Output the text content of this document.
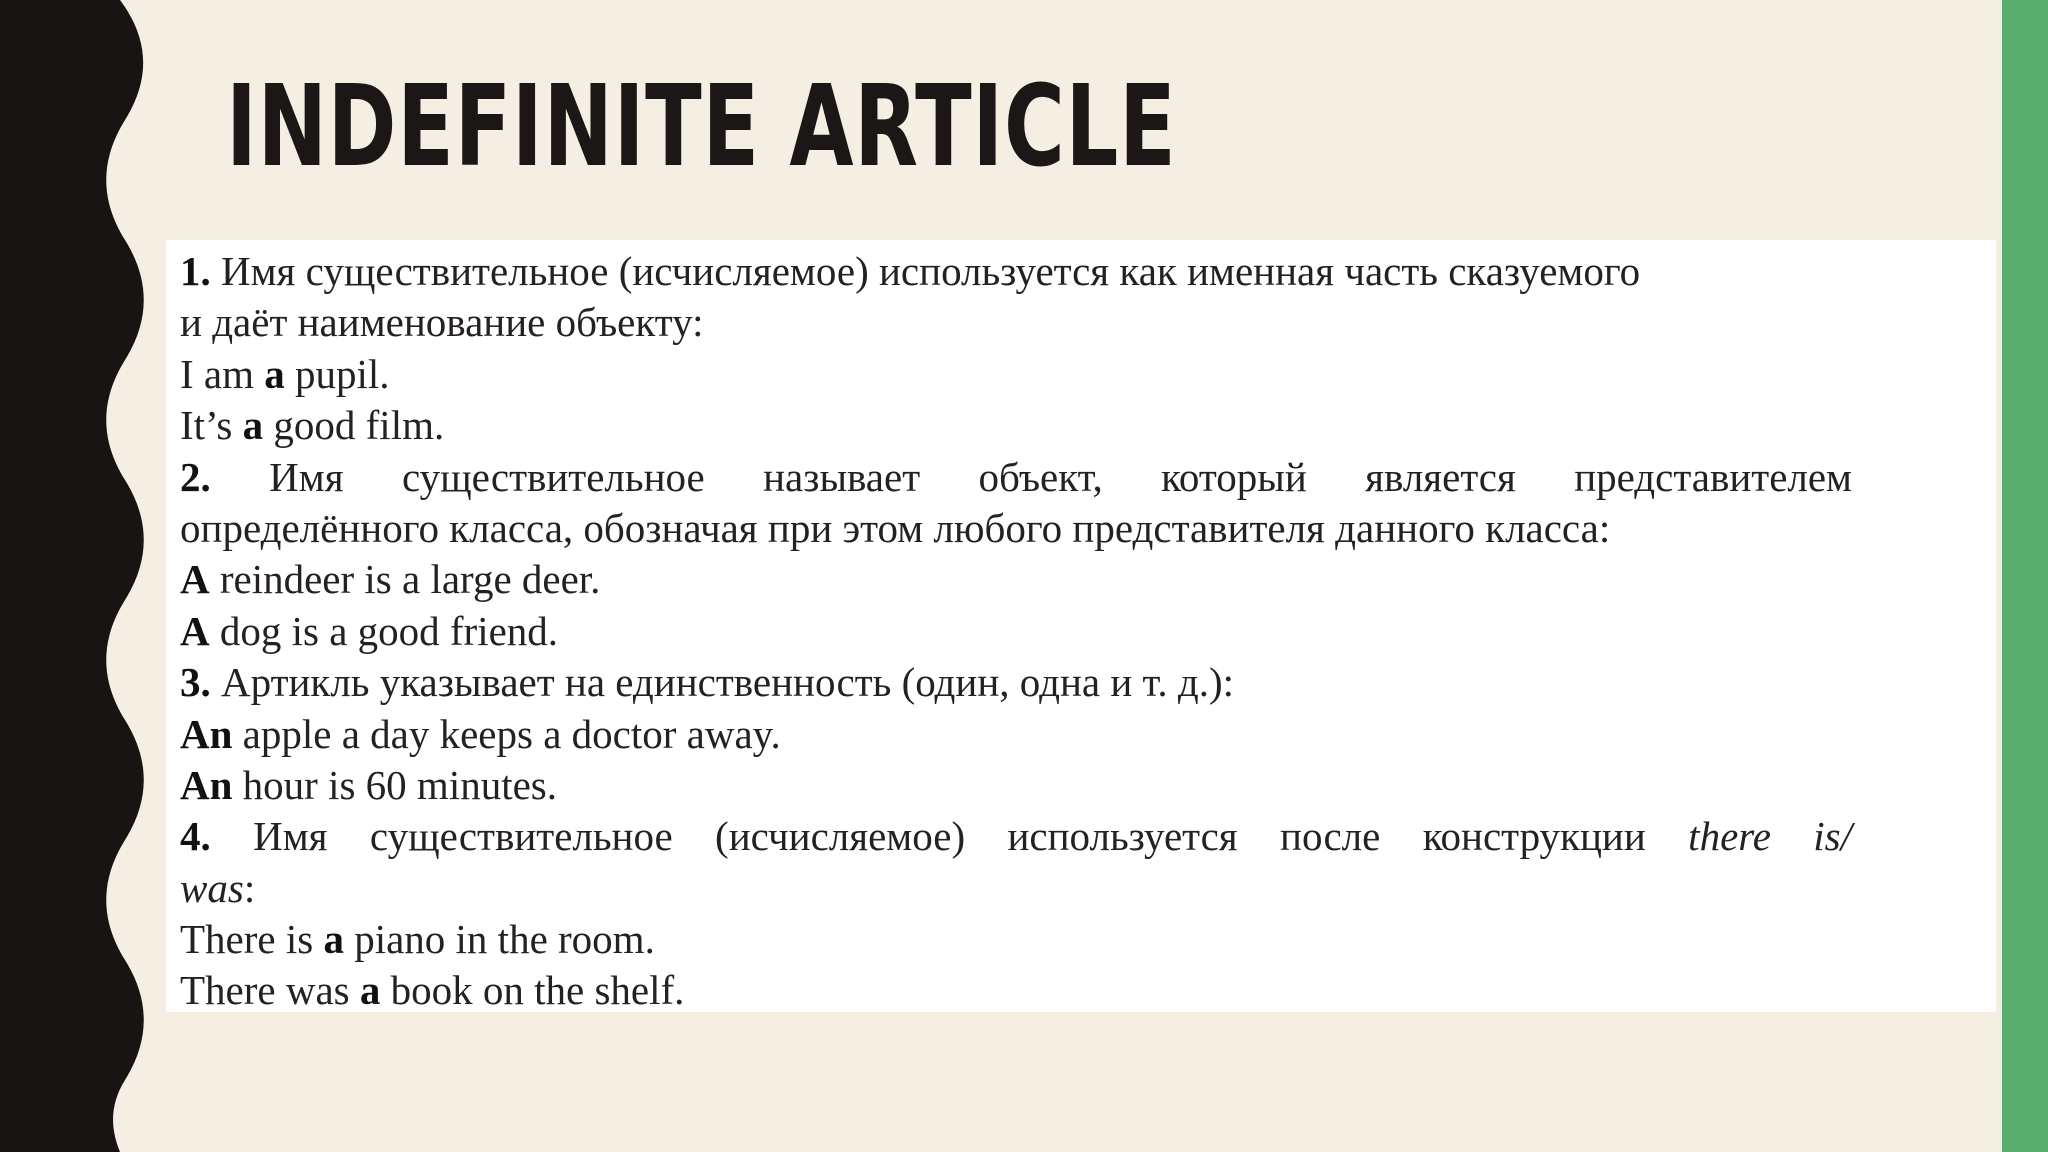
INDEFINITE ARTICLE
1. Имя существительное (исчисляемое) используется как именная часть сказуемого
и даёт наименование объекту:
I am a pupil.
It’s a good film.
2. Имя существительное называет объект, который является представителем
определённого класса, обозначая при этом любого представителя данного класса:
A reindeer is a large deer.
A dog is a good friend.
3. Артикль указывает на единственность (один, одна и т. д.):
An apple a day keeps a doctor away.
An hour is 60 minutes.
4. Имя существительное (исчисляемое) используется после конструкции there is/
was:
There is a piano in the room.
There was a book on the shelf.
